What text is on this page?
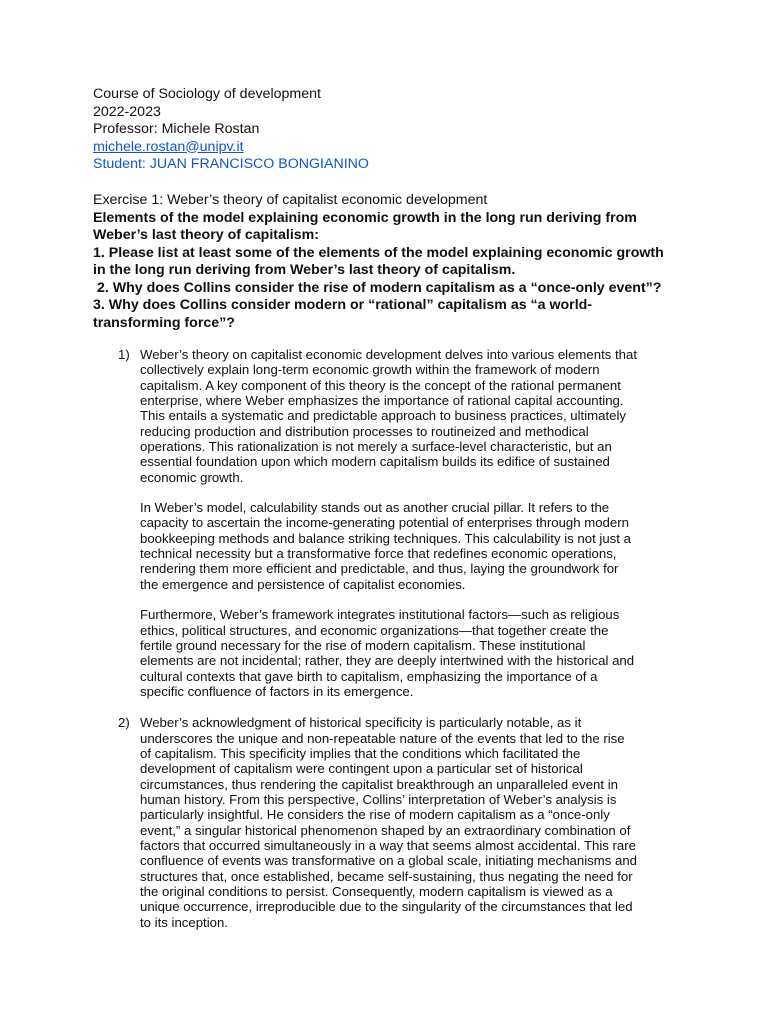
Course of Sociology of development
2022-2023
Professor: Michele Rostan
michele.rostan@unipv.it
Student: JUAN FRANCISCO BONGIANINO
Exercise 1: Weber’s theory of capitalist economic development
Elements of the model explaining economic growth in the long run deriving from
Weber’s last theory of capitalism:
1. Please list at least some of the elements of the model explaining economic growth
in the long run deriving from Weber’s last theory of capitalism.
2. Why does Collins consider the rise of modern capitalism as a “once-only event”?
3. Why does Collins consider modern or “rational” capitalism as “a world-
transforming force”?
1) Weber’s theory on capitalist economic development delves into various elements that
collectively explain long-term economic growth within the framework of modern
capitalism. A key component of this theory is the concept of the rational permanent
enterprise, where Weber emphasizes the importance of rational capital accounting.
This entails a systematic and predictable approach to business practices, ultimately
reducing production and distribution processes to routineized and methodical
operations. This rationalization is not merely a surface-level characteristic, but an
essential foundation upon which modern capitalism builds its edifice of sustained
economic growth.
In Weber’s model, calculability stands out as another crucial pillar. It refers to the
capacity to ascertain the income-generating potential of enterprises through modern
bookkeeping methods and balance striking techniques. This calculability is not just a
technical necessity but a transformative force that redefines economic operations,
rendering them more efficient and predictable, and thus, laying the groundwork for
the emergence and persistence of capitalist economies.
Furthermore, Weber’s framework integrates institutional factors—such as religious
ethics, political structures, and economic organizations—that together create the
fertile ground necessary for the rise of modern capitalism. These institutional
elements are not incidental; rather, they are deeply intertwined with the historical and
cultural contexts that gave birth to capitalism, emphasizing the importance of a
specific confluence of factors in its emergence.
2) Weber’s acknowledgment of historical specificity is particularly notable, as it
underscores the unique and non-repeatable nature of the events that led to the rise
of capitalism. This specificity implies that the conditions which facilitated the
development of capitalism were contingent upon a particular set of historical
circumstances, thus rendering the capitalist breakthrough an unparalleled event in
human history. From this perspective, Collins’ interpretation of Weber’s analysis is
particularly insightful. He considers the rise of modern capitalism as a “once-only
event,” a singular historical phenomenon shaped by an extraordinary combination of
factors that occurred simultaneously in a way that seems almost accidental. This rare
confluence of events was transformative on a global scale, initiating mechanisms and
structures that, once established, became self-sustaining, thus negating the need for
the original conditions to persist. Consequently, modern capitalism is viewed as a
unique occurrence, irreproducible due to the singularity of the circumstances that led
to its inception.
